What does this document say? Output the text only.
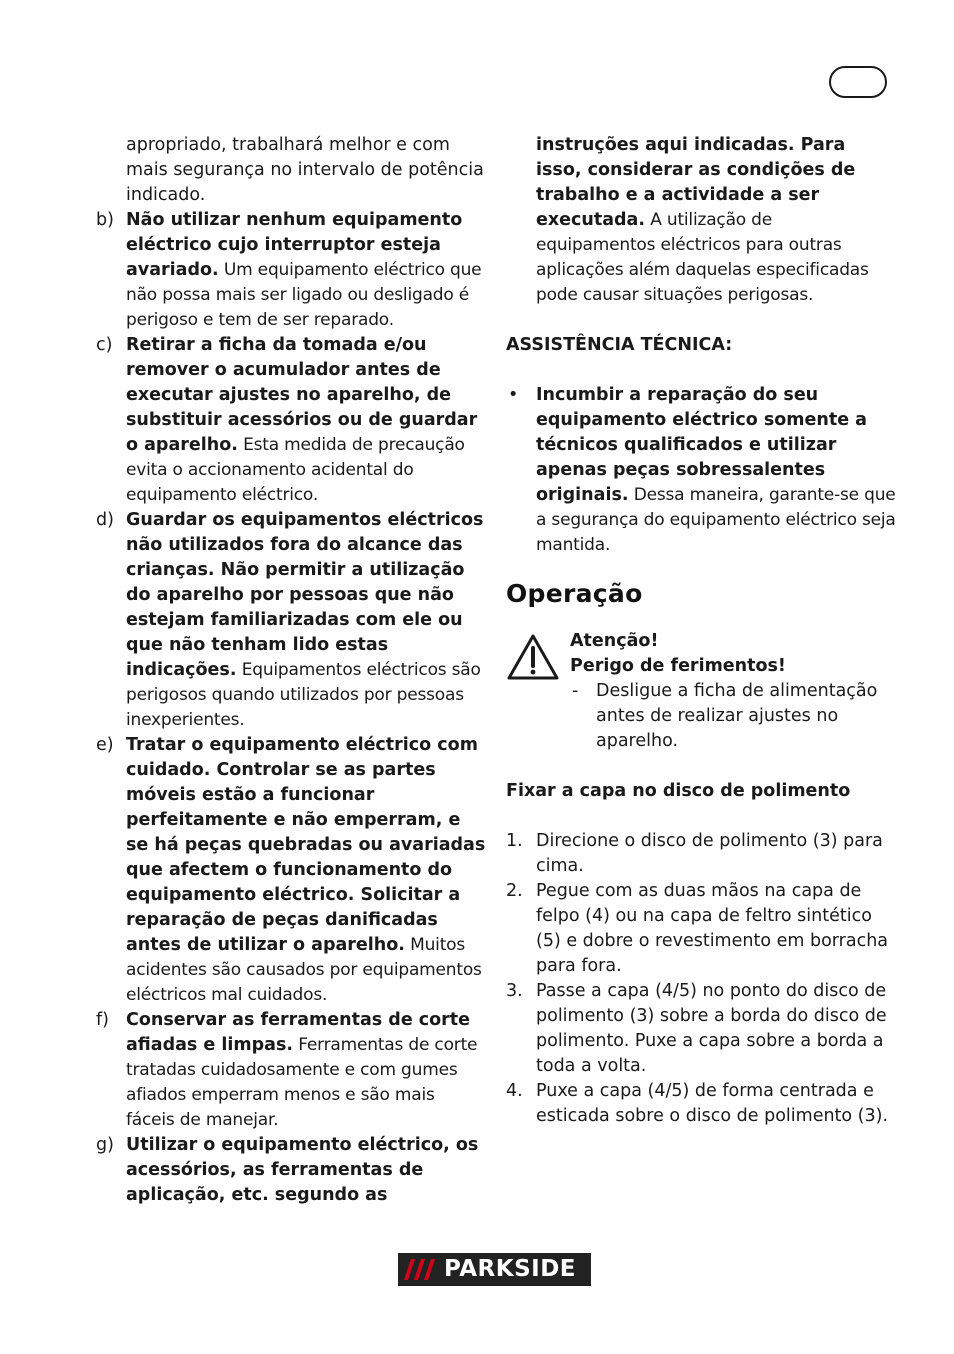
apropriado, trabalhará melhor e com mais segurança no intervalo de potência indicado.

b) Não utilizar nenhum equipamento eléctrico cujo interruptor esteja avariado. Um equipamento eléctrico que não possa mais ser ligado ou desligado é perigoso e tem de ser reparado.
c) Retirar a ficha da tomada e/ou remover o acumulador antes de executar ajustes no aparelho, de substituir acessórios ou de guardar o aparelho. Esta medida de precaução evita o accionamento acidental do equipamento eléctrico.
d) Guardar os equipamentos eléctricos não utilizados fora do alcance das crianças. Não permitir a utilização do aparelho por pessoas que não estejam familiarizadas com ele ou que não tenham lido estas indicações. Equipamentos eléctricos são perigosos quando utilizados por pessoas inexperientes.
e) Tratar o equipamento eléctrico com cuidado. Controlar se as partes móveis estão a funcionar perfeitamente e não emperram, e se há peças quebradas ou avariadas que afectem o funcionamento do equipamento eléctrico. Solicitar a reparação de peças danificadas antes de utilizar o aparelho. Muitos acidentes são causados por equipamentos eléctricos mal cuidados.
f) Conservar as ferramentas de corte afiadas e limpas. Ferramentas de corte tratadas cuidadosamente e com gumes afiados emperram menos e são mais fáceis de manejar.
g) Utilizar o equipamento eléctrico, os acessórios, as ferramentas de aplicação, etc. segundo as

instruções aqui indicadas. Para isso, considerar as condições de trabalho e a actividade a ser executada. A utilização de equipamentos eléctricos para outras aplicações além daquelas especificadas pode causar situações perigosas.

ASSISTÊNCIA TÉCNICA:

• Incumbir a reparação do seu equipamento eléctrico somente a técnicos qualificados e utilizar apenas peças sobressalentes originais. Dessa maneira, garante-se que a segurança do equipamento eléctrico seja mantida.

Operação

Atenção!

Perigo de ferimentos!

- Desligue a ficha de alimentação antes de realizar ajustes no aparelho.

Fixar a capa no disco de polimento

1. Direcione o disco de polimento (3) para cima.
2. Pegue com as duas mãos na capa de felpo (4) ou na capa de feltro sintético (5) e dobre o revestimento em borracha para fora.
3. Passe a capa (4/5) no ponto do disco de polimento (3) sobre a borda do disco de polimento. Puxe a capa sobre a borda a toda a volta.
4. Puxe a capa (4/5) de forma centrada e esticada sobre o disco de polimento (3).
PARKSIDE
